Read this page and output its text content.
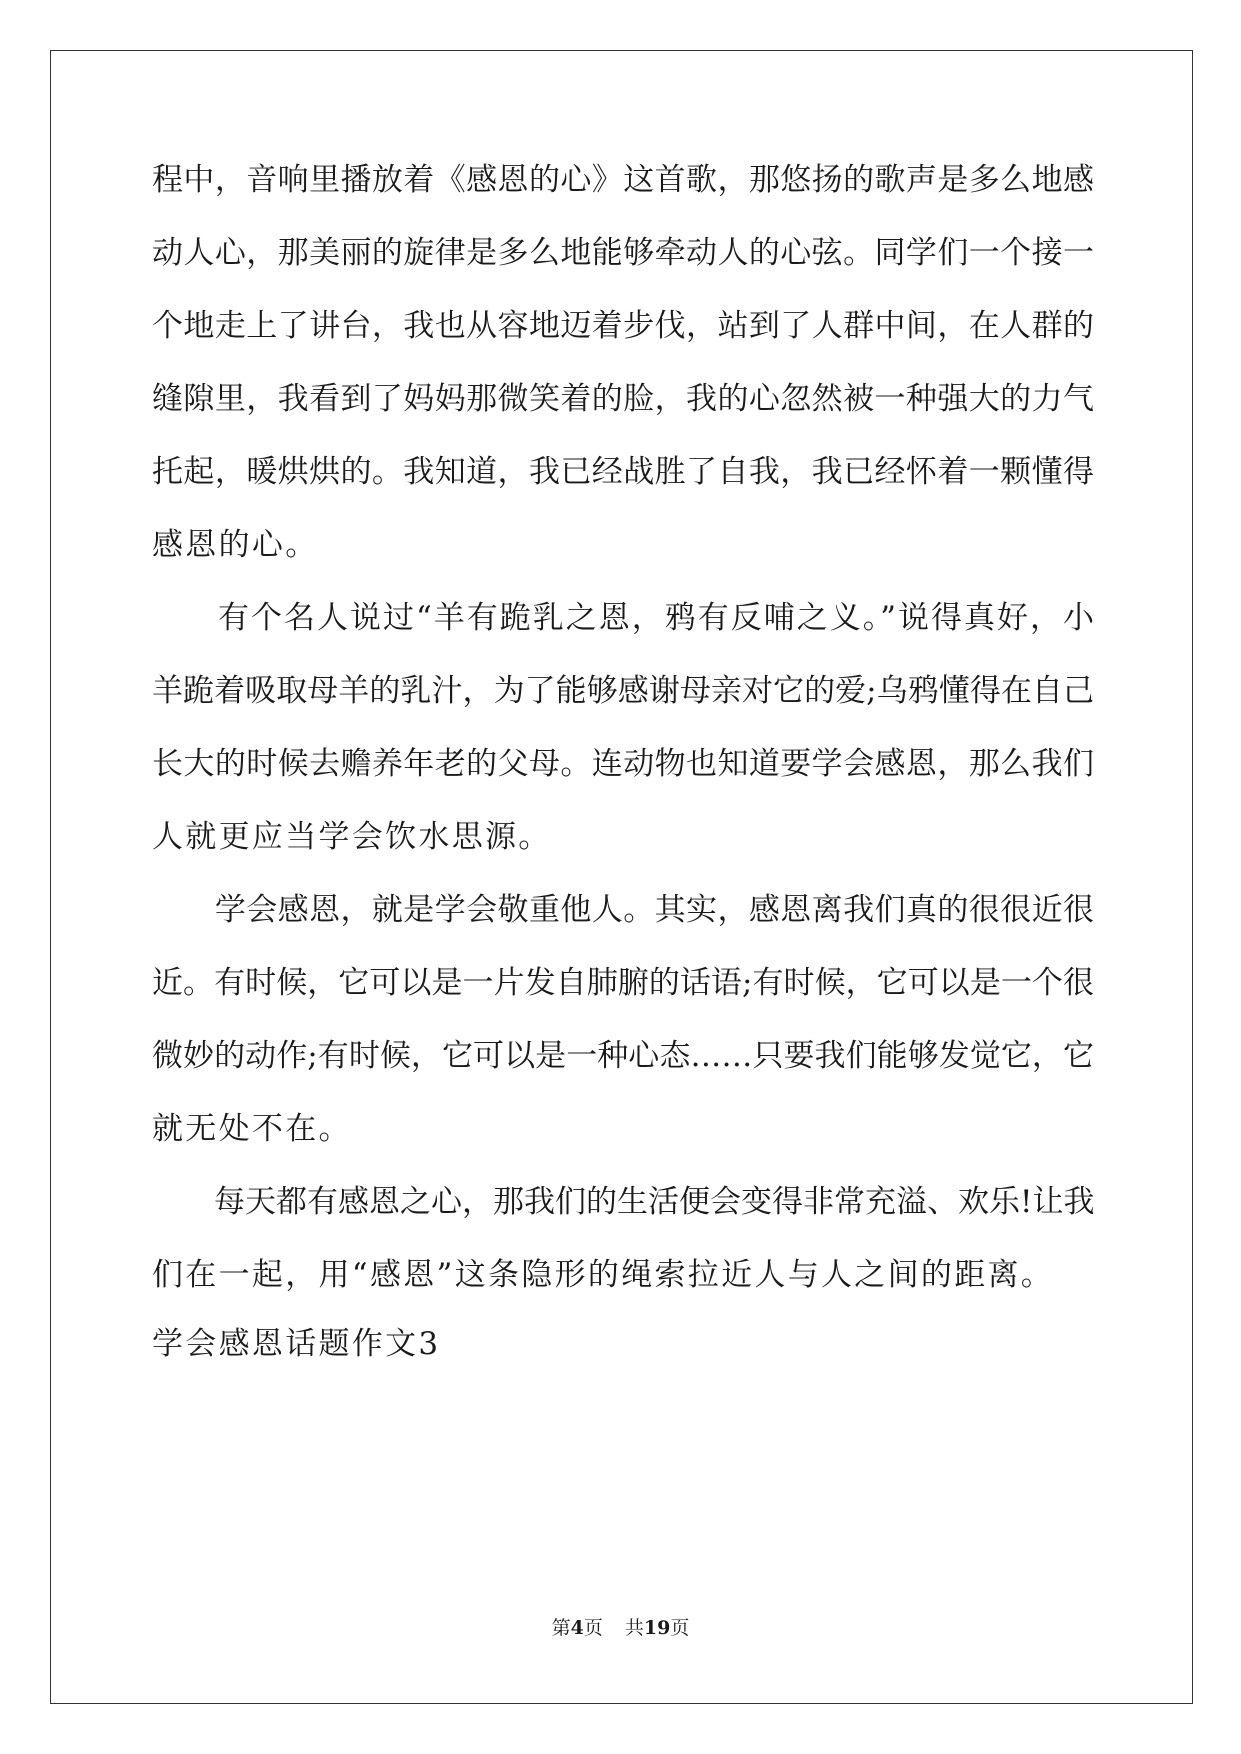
程中，音响里播放着《感恩的心》这首歌，那悠扬的歌声是多么地感
动人心，那美丽的旋律是多么地能够牵动人的心弦。同学们一个接一
个地走上了讲台，我也从容地迈着步伐，站到了人群中间，在人群的
缝隙里，我看到了妈妈那微笑着的脸，我的心忽然被一种强大的力气
托起，暖烘烘的。我知道，我已经战胜了自我，我已经怀着一颗懂得
感恩的心。
　　有个名人说过“羊有跪乳之恩，鸦有反哺之义。”说得真好，小
羊跪着吸取母羊的乳汁，为了能够感谢母亲对它的爱;乌鸦懂得在自己
长大的时候去赡养年老的父母。连动物也知道要学会感恩，那么我们
人就更应当学会饮水思源。
　　学会感恩，就是学会敬重他人。其实，感恩离我们真的很很近很
近。有时候，它可以是一片发自肺腑的话语;有时候，它可以是一个很
微妙的动作;有时候，它可以是一种心态……只要我们能够发觉它，它
就无处不在。
　　每天都有感恩之心，那我们的生活便会变得非常充溢、欢乐!让我
们在一起，用“感恩”这条隐形的绳索拉近人与人之间的距离。
学会感恩话题作文3
第4页 共19页
